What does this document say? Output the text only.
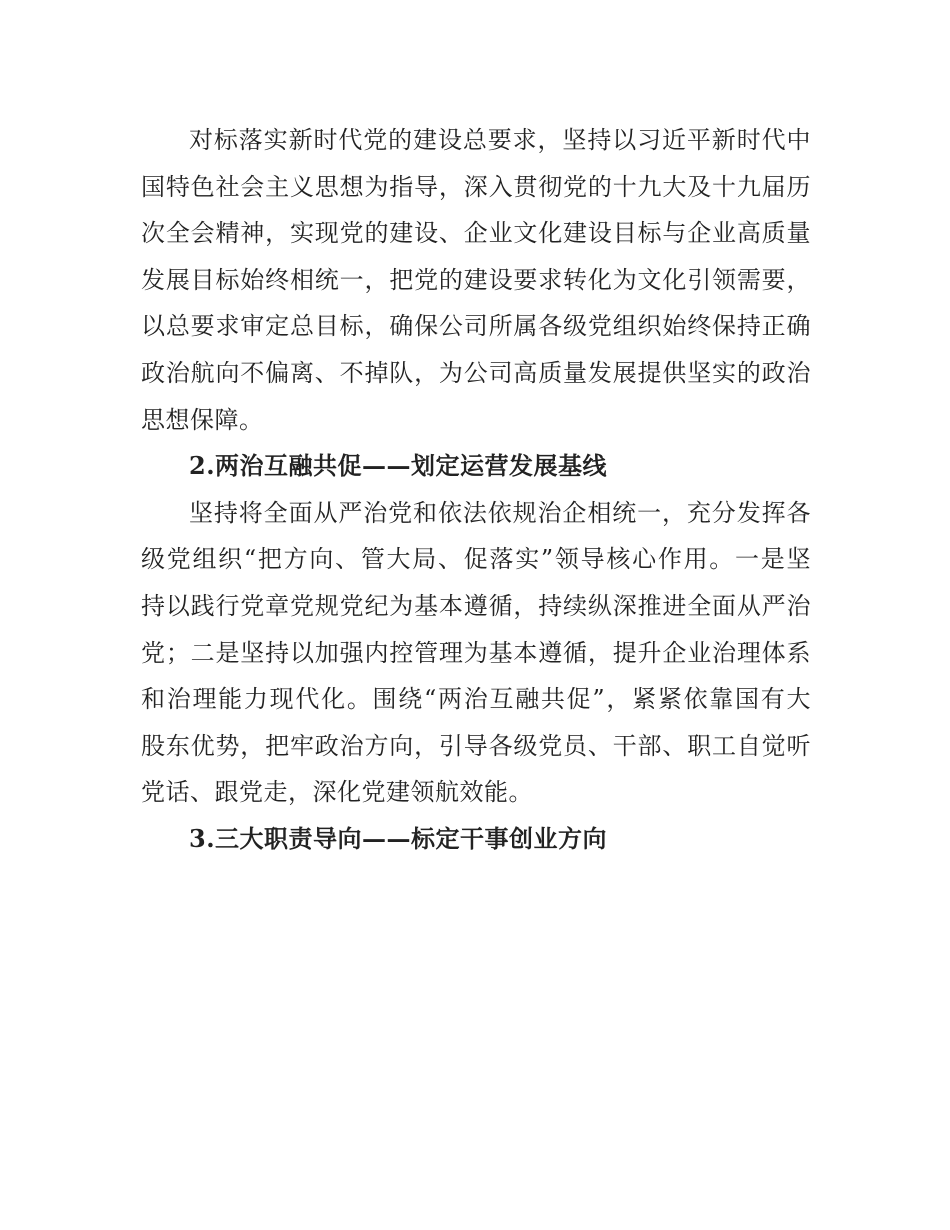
对标落实新时代党的建设总要求，坚持以习近平新时代中
国特色社会主义思想为指导，深入贯彻党的十九大及十九届历
次全会精神，实现党的建设、企业文化建设目标与企业高质量
发展目标始终相统一，把党的建设要求转化为文化引领需要，
以总要求审定总目标，确保公司所属各级党组织始终保持正确
政治航向不偏离、不掉队，为公司高质量发展提供坚实的政治
思想保障。
2.两治互融共促——划定运营发展基线
坚持将全面从严治党和依法依规治企相统一，充分发挥各
级党组织“把方向、管大局、促落实”领导核心作用。一是坚
持以践行党章党规党纪为基本遵循，持续纵深推进全面从严治
党；二是坚持以加强内控管理为基本遵循，提升企业治理体系
和治理能力现代化。围绕“两治互融共促”，紧紧依靠国有大
股东优势，把牢政治方向，引导各级党员、干部、职工自觉听
党话、跟党走，深化党建领航效能。
3.三大职责导向——标定干事创业方向
